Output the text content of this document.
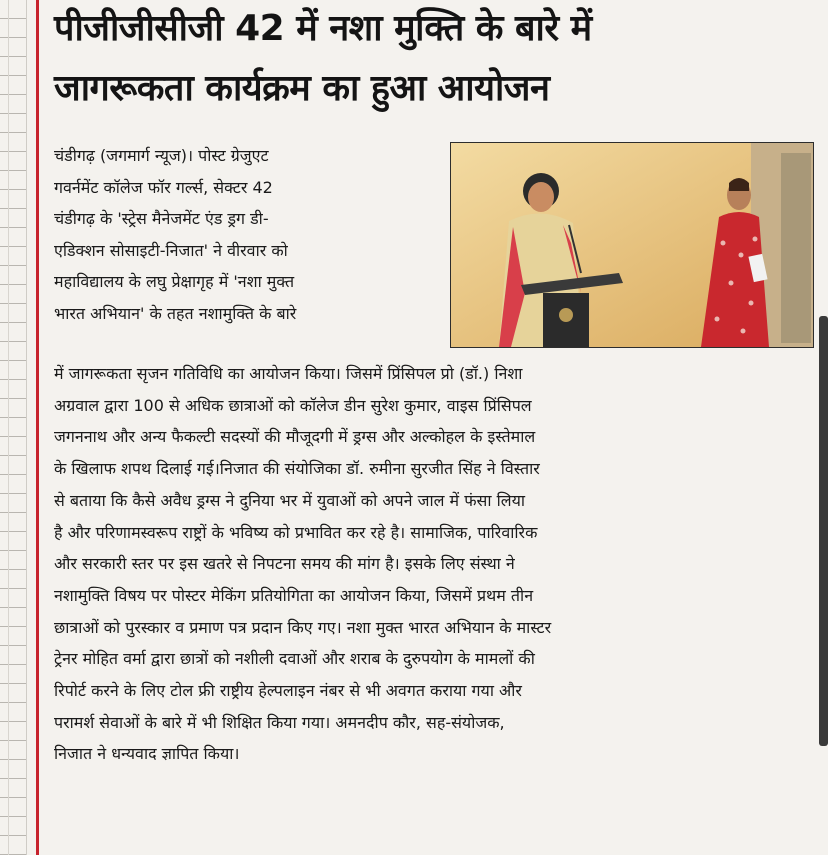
पीजीजीसीजी 42 में नशा मुक्ति के बारे में
जागरूकता कार्यक्रम का हुआ आयोजन
चंडीगढ़ (जगमार्ग न्यूज)। पोस्ट ग्रेजुएट
गवर्नमेंट कॉलेज फॉर गर्ल्स, सेक्टर 42
चंडीगढ़ के 'स्ट्रेस मैनेजमेंट एंड ड्रग डी-
एडिक्शन सोसाइटी-निजात' ने वीरवार को
महाविद्यालय के लघु प्रेक्षागृह में 'नशा मुक्त
भारत अभियान' के तहत नशामुक्ति के बारे
में जागरूकता सृजन गतिविधि का आयोजन किया। जिसमें प्रिंसिपल प्रो (डॉ.) निशा
अग्रवाल द्वारा 100 से अधिक छात्राओं को कॉलेज डीन सुरेश कुमार, वाइस प्रिंसिपल
जगननाथ और अन्य फैकल्टी सदस्यों की मौजूदगी में ड्रग्स और अल्कोहल के इस्तेमाल
के खिलाफ शपथ दिलाई गई।निजात की संयोजिका डॉ. रुमीना सुरजीत सिंह ने विस्तार
से बताया कि कैसे अवैध ड्रग्स ने दुनिया भर में युवाओं को अपने जाल में फंसा लिया
है और परिणामस्वरूप राष्ट्रों के भविष्य को प्रभावित कर रहे है। सामाजिक, पारिवारिक
और सरकारी स्तर पर इस खतरे से निपटना समय की मांग है। इसके लिए संस्था ने
नशामुक्ति विषय पर पोस्टर मेकिंग प्रतियोगिता का आयोजन किया, जिसमें प्रथम तीन
छात्राओं को पुरस्कार व प्रमाण पत्र प्रदान किए गए। नशा मुक्त भारत अभियान के मास्टर
ट्रेनर मोहित वर्मा द्वारा छात्रों को नशीली दवाओं और शराब के दुरुपयोग के मामलों की
रिपोर्ट करने के लिए टोल फ्री राष्ट्रीय हेल्पलाइन नंबर से भी अवगत कराया गया और
परामर्श सेवाओं के बारे में भी शिक्षित किया गया। अमनदीप कौर, सह-संयोजक,
निजात ने धन्यवाद ज्ञापित किया।
